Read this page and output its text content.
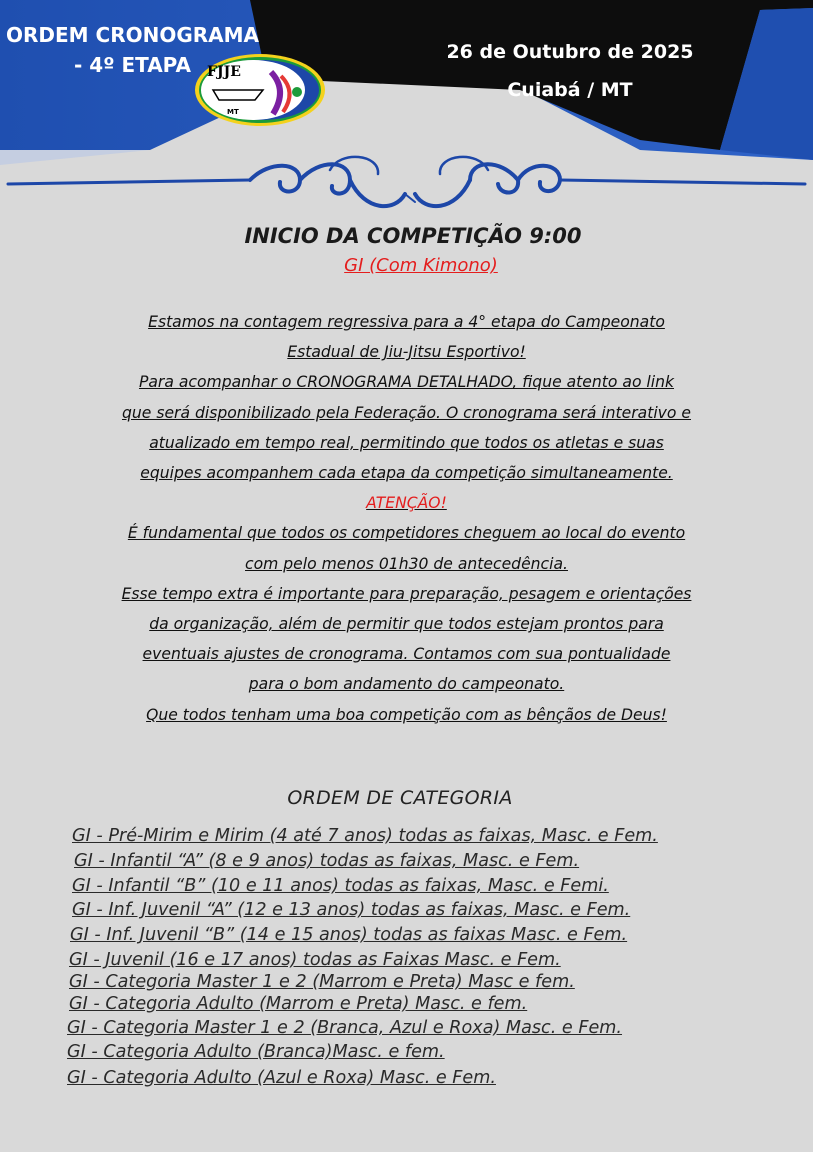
ORDEM CRONOGRAMA
- 4º ETAPA
26 de Outubro de 2025
Cuiabá / MT
FJJE
MT
INICIO DA COMPETIÇÃO 9:00
GI (Com Kimono)
Estamos na contagem regressiva para a 4° etapa do Campeonato
Estadual de Jiu-Jitsu Esportivo!
Para acompanhar o CRONOGRAMA DETALHADO, fique atento ao link
que será disponibilizado pela Federação. O cronograma será interativo e
atualizado em tempo real, permitindo que todos os atletas e suas
equipes acompanhem cada etapa da competição simultaneamente.
ATENÇÃO!
É fundamental que todos os competidores cheguem ao local do evento
com pelo menos 01h30 de antecedência.
Esse tempo extra é importante para preparação, pesagem e orientações
da organização, além de permitir que todos estejam prontos para
eventuais ajustes de cronograma. Contamos com sua pontualidade
para o bom andamento do campeonato.
Que todos tenham uma boa competição com as bênçãos de Deus!
ORDEM DE CATEGORIA
GI - Pré-Mirim e Mirim (4 até 7 anos) todas as faixas, Masc. e Fem.
GI - Infantil “A” (8 e 9 anos) todas as faixas, Masc. e Fem.
GI - Infantil “B” (10 e 11 anos) todas as faixas, Masc. e Femi.
GI - Inf. Juvenil “A” (12 e 13 anos) todas as faixas, Masc. e Fem.
GI - Inf. Juvenil “B” (14 e 15 anos) todas as faixas Masc. e Fem.
GI - Juvenil (16 e 17 anos) todas as Faixas Masc. e Fem.
GI - Categoria Master 1 e 2 (Marrom e Preta) Masc e fem.
GI - Categoria Adulto (Marrom e Preta) Masc. e fem.
GI - Categoria Master 1 e 2 (Branca, Azul e Roxa) Masc. e Fem.
GI - Categoria Adulto (Branca)Masc. e fem.
GI - Categoria Adulto (Azul e Roxa) Masc. e Fem.
